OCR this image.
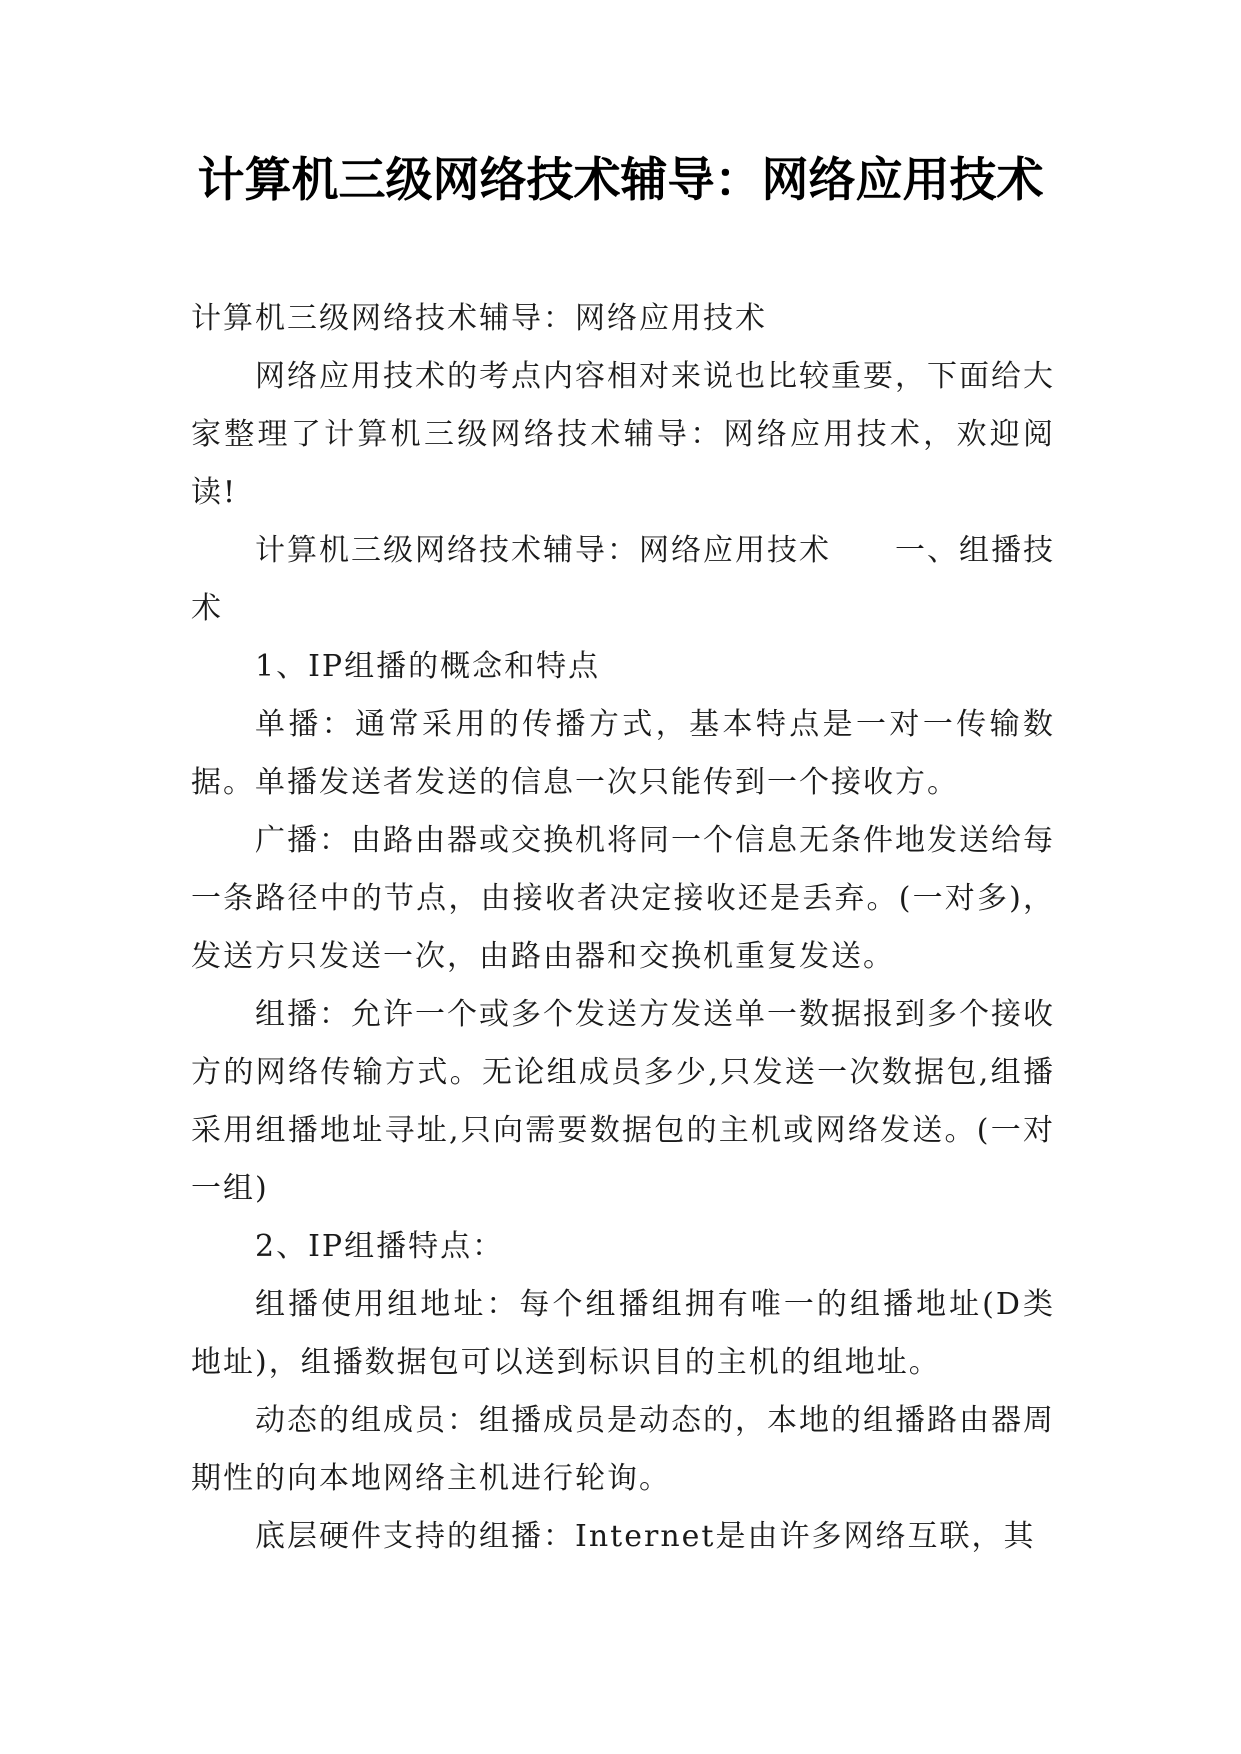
计算机三级网络技术辅导：网络应用技术

计算机三级网络技术辅导：网络应用技术

网络应用技术的考点内容相对来说也比较重要，下面给大家整理了计算机三级网络技术辅导：网络应用技术，欢迎阅读!

计算机三级网络技术辅导：网络应用技术　　一、组播技术

1、IP组播的概念和特点

单播：通常采用的传播方式，基本特点是一对一传输数据。单播发送者发送的信息一次只能传到一个接收方。

广播：由路由器或交换机将同一个信息无条件地发送给每一条路径中的节点，由接收者决定接收还是丢弃。(一对多)，发送方只发送一次，由路由器和交换机重复发送。

组播：允许一个或多个发送方发送单一数据报到多个接收方的网络传输方式。无论组成员多少,只发送一次数据包,组播采用组播地址寻址,只向需要数据包的主机或网络发送。(一对一组)

2、IP组播特点：

组播使用组地址：每个组播组拥有唯一的组播地址(D类地址)，组播数据包可以送到标识目的主机的组地址。

动态的组成员：组播成员是动态的，本地的组播路由器周期性的向本地网络主机进行轮询。

底层硬件支持的组播：Internet是由许多网络互联，其
